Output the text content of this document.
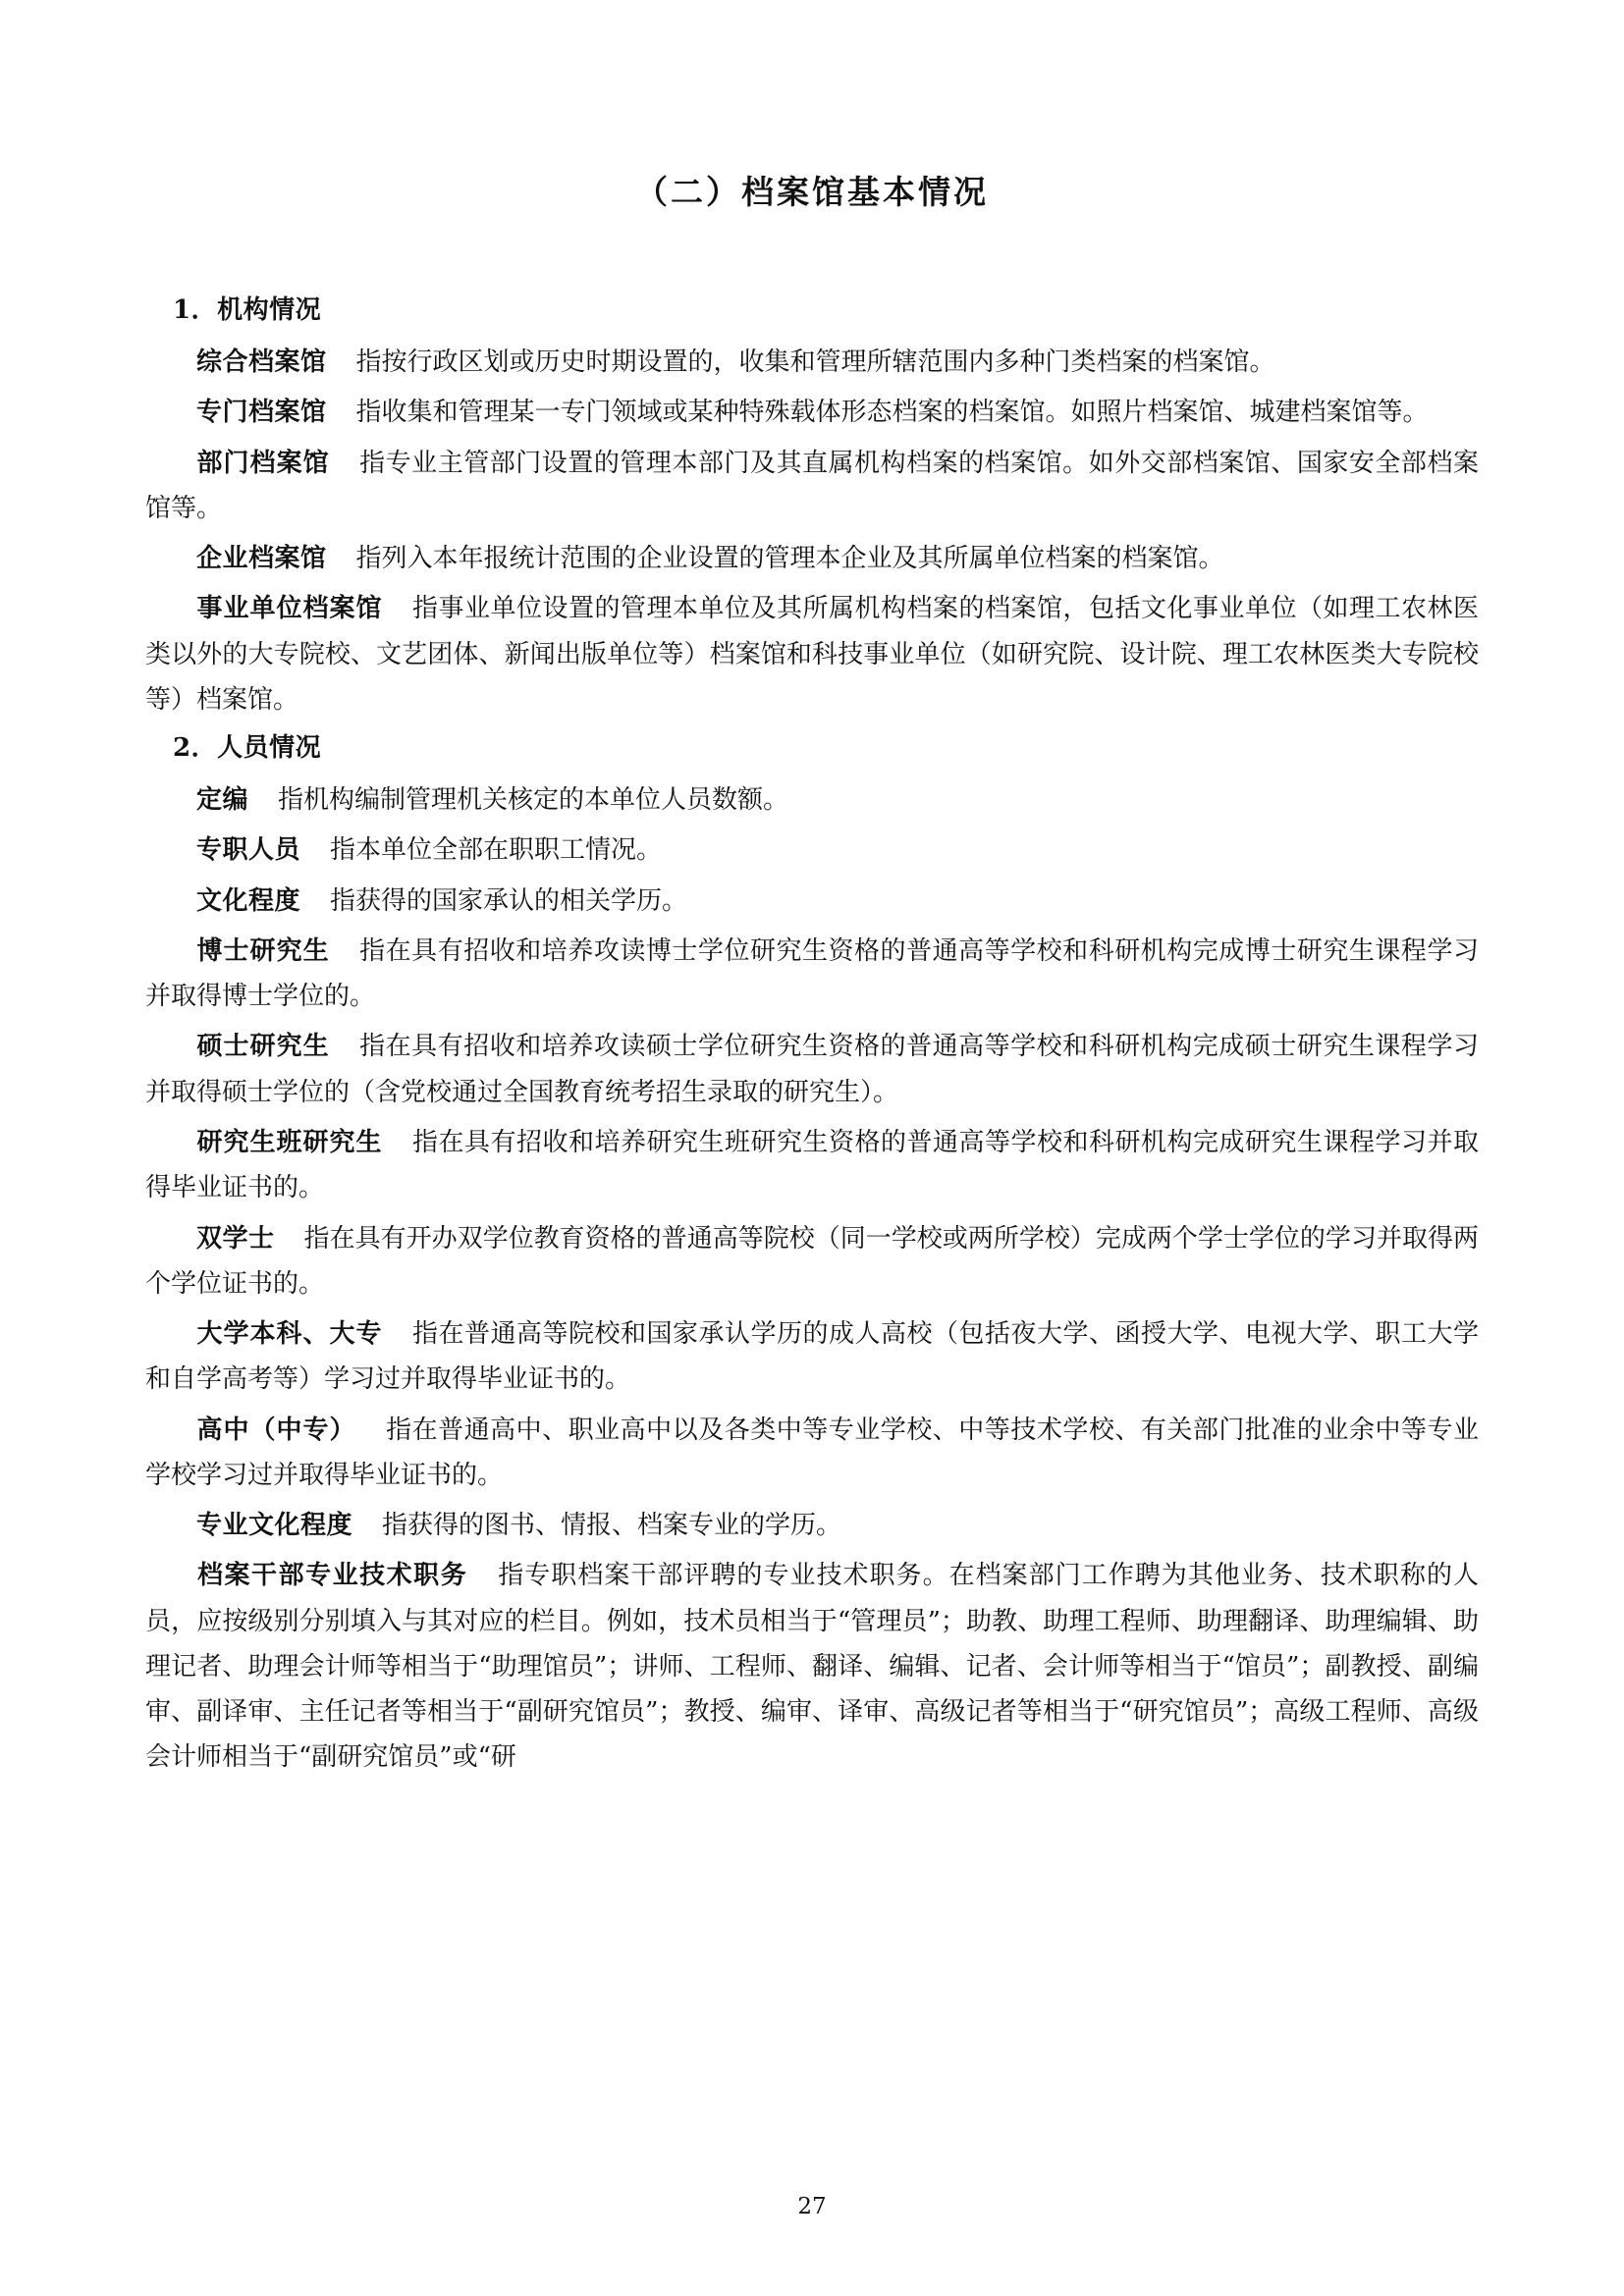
（二）档案馆基本情况
1．机构情况

综合档案馆 指按行政区划或历史时期设置的，收集和管理所辖范围内多种门类档案的档案馆。

专门档案馆 指收集和管理某一专门领域或某种特殊载体形态档案的档案馆。如照片档案馆、城建档案馆等。

部门档案馆 指专业主管部门设置的管理本部门及其直属机构档案的档案馆。如外交部档案馆、国家安全部档案馆等。

企业档案馆 指列入本年报统计范围的企业设置的管理本企业及其所属单位档案的档案馆。

事业单位档案馆 指事业单位设置的管理本单位及其所属机构档案的档案馆，包括文化事业单位（如理工农林医类以外的大专院校、文艺团体、新闻出版单位等）档案馆和科技事业单位（如研究院、设计院、理工农林医类大专院校等）档案馆。

2．人员情况

定编 指机构编制管理机关核定的本单位人员数额。

专职人员 指本单位全部在职职工情况。

文化程度 指获得的国家承认的相关学历。

博士研究生 指在具有招收和培养攻读博士学位研究生资格的普通高等学校和科研机构完成博士研究生课程学习并取得博士学位的。

硕士研究生 指在具有招收和培养攻读硕士学位研究生资格的普通高等学校和科研机构完成硕士研究生课程学习并取得硕士学位的（含党校通过全国教育统考招生录取的研究生）。

研究生班研究生 指在具有招收和培养研究生班研究生资格的普通高等学校和科研机构完成研究生课程学习并取得毕业证书的。

双学士 指在具有开办双学位教育资格的普通高等院校（同一学校或两所学校）完成两个学士学位的学习并取得两个学位证书的。

大学本科、大专 指在普通高等院校和国家承认学历的成人高校（包括夜大学、函授大学、电视大学、职工大学和自学高考等）学习过并取得毕业证书的。

高中（中专） 指在普通高中、职业高中以及各类中等专业学校、中等技术学校、有关部门批准的业余中等专业学校学习过并取得毕业证书的。

专业文化程度 指获得的图书、情报、档案专业的学历。

档案干部专业技术职务 指专职档案干部评聘的专业技术职务。在档案部门工作聘为其他业务、技术职称的人员，应按级别分别填入与其对应的栏目。例如，技术员相当于“管理员”；助教、助理工程师、助理翻译、助理编辑、助理记者、助理会计师等相当于“助理馆员”；讲师、工程师、翻译、编辑、记者、会计师等相当于“馆员”；副教授、副编审、副译审、主任记者等相当于“副研究馆员”；教授、编审、译审、高级记者等相当于“研究馆员”；高级工程师、高级会计师相当于“副研究馆员”或“研

27
